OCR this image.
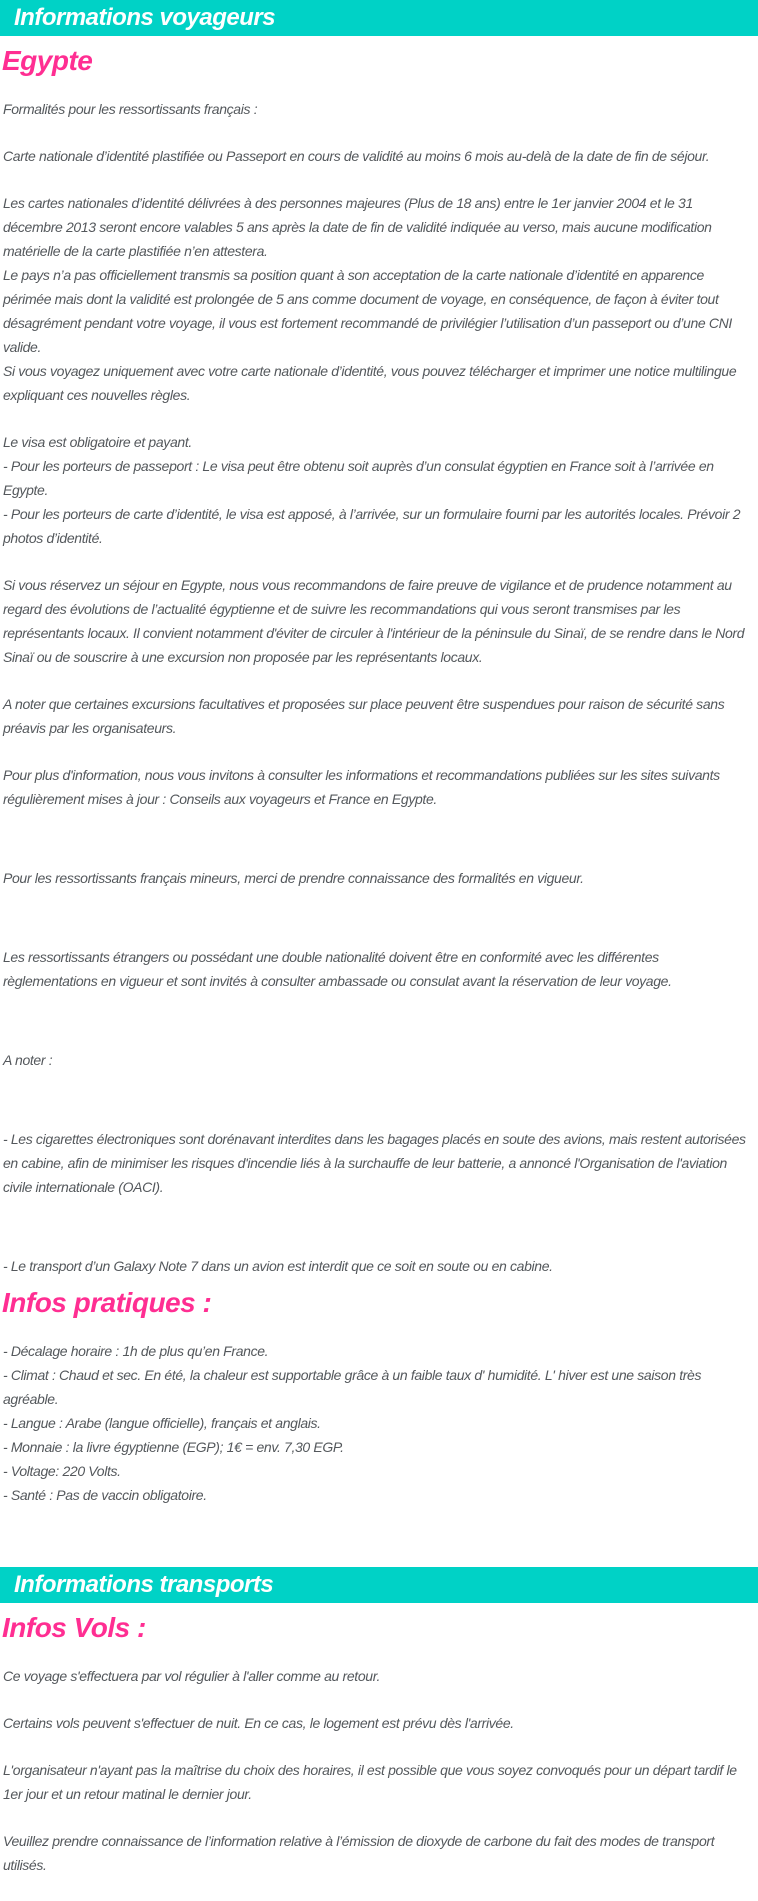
Informations voyageurs
Egypte

Formalités pour les ressortissants français :

Carte nationale d’identité plastifiée ou Passeport en cours de validité au moins 6 mois au-delà de la date de fin de séjour.

Les cartes nationales d’identité délivrées à des personnes majeures (Plus de 18 ans) entre le 1er janvier 2004 et le 31 décembre 2013 seront encore valables 5 ans après la date de fin de validité indiquée au verso, mais aucune modification matérielle de la carte plastifiée n’en attestera.

Le pays n’a pas officiellement transmis sa position quant à son acceptation de la carte nationale d’identité en apparence périmée mais dont la validité est prolongée de 5 ans comme document de voyage, en conséquence, de façon à éviter tout désagrément pendant votre voyage, il vous est fortement recommandé de privilégier l’utilisation d’un passeport ou d’une CNI valide.

Si vous voyagez uniquement avec votre carte nationale d’identité, vous pouvez télécharger et imprimer une notice multilingue expliquant ces nouvelles règles.

Le visa est obligatoire et payant.

- Pour les porteurs de passeport : Le visa peut être obtenu soit auprès d’un consulat égyptien en France soit à l’arrivée en Egypte.

- Pour les porteurs de carte d’identité, le visa est apposé, à l’arrivée, sur un formulaire fourni par les autorités locales. Prévoir 2 photos d’identité.

Si vous réservez un séjour en Egypte, nous vous recommandons de faire preuve de vigilance et de prudence notamment au regard des évolutions de l’actualité égyptienne et de suivre les recommandations qui vous seront transmises par les représentants locaux. Il convient notamment d'éviter de circuler à l'intérieur de la péninsule du Sinaï, de se rendre dans le Nord Sinaï ou de souscrire à une excursion non proposée par les représentants locaux.

A noter que certaines excursions facultatives et proposées sur place peuvent être suspendues pour raison de sécurité sans préavis par les organisateurs.

Pour plus d'information, nous vous invitons à consulter les informations et recommandations publiées sur les sites suivants régulièrement mises à jour : Conseils aux voyageurs et France en Egypte.

Pour les ressortissants français mineurs, merci de prendre connaissance des formalités en vigueur.

Les ressortissants étrangers ou possédant une double nationalité doivent être en conformité avec les différentes règlementations en vigueur et sont invités à consulter ambassade ou consulat avant la réservation de leur voyage.

A noter :

- Les cigarettes électroniques sont dorénavant interdites dans les bagages placés en soute des avions, mais restent autorisées en cabine, afin de minimiser les risques d'incendie liés à la surchauffe de leur batterie, a annoncé l'Organisation de l'aviation civile internationale (OACI).

- Le transport d’un Galaxy Note 7 dans un avion est interdit que ce soit en soute ou en cabine.

Infos pratiques :

- Décalage horaire : 1h de plus qu’en France.

- Climat : Chaud et sec. En été, la chaleur est supportable grâce à un faible taux d' humidité. L' hiver est une saison très agréable.

- Langue : Arabe (langue officielle), français et anglais.

- Monnaie : la livre égyptienne (EGP); 1€ = env. 7,30 EGP.

- Voltage: 220 Volts.

- Santé : Pas de vaccin obligatoire.

Informations transports
Infos Vols :

Ce voyage s'effectuera par vol régulier à l'aller comme au retour.

Certains vols peuvent s'effectuer de nuit. En ce cas, le logement est prévu dès l'arrivée.

L'organisateur n'ayant pas la maîtrise du choix des horaires, il est possible que vous soyez convoqués pour un départ tardif le 1er jour et un retour matinal le dernier jour.

Veuillez prendre connaissance de l’information relative à l’émission de dioxyde de carbone du fait des modes de transport utilisés.
